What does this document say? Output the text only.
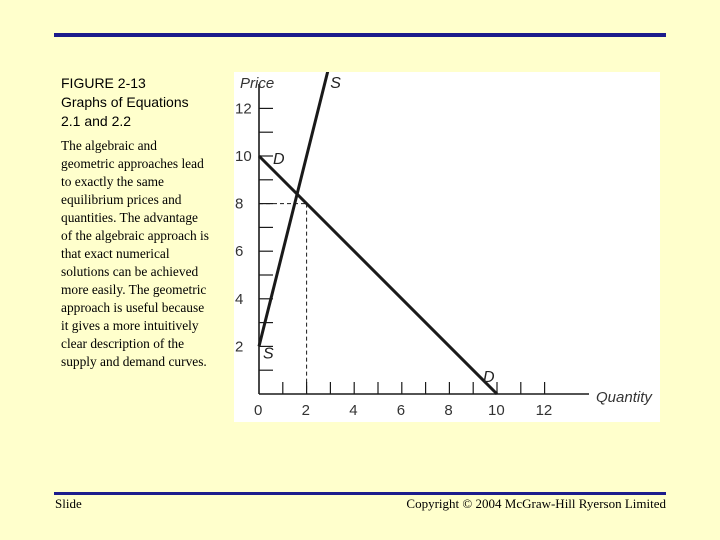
FIGURE 2-13
Graphs of Equations
2.1 and 2.2
The algebraic and
geometric approaches lead
to exactly the same
equilibrium prices and
quantities. The advantage
of the algebraic approach is
that exact numerical
solutions can be achieved
more easily. The geometric
approach is useful because
it gives a more intuitively
clear description of the
supply and demand curves.
2
4
6
8
10
12
0	2	4	6	8 10 12
Price
Quantity
S
S
D
D
Slide	Copyright © 2004 McGraw-Hill Ryerson Limited
